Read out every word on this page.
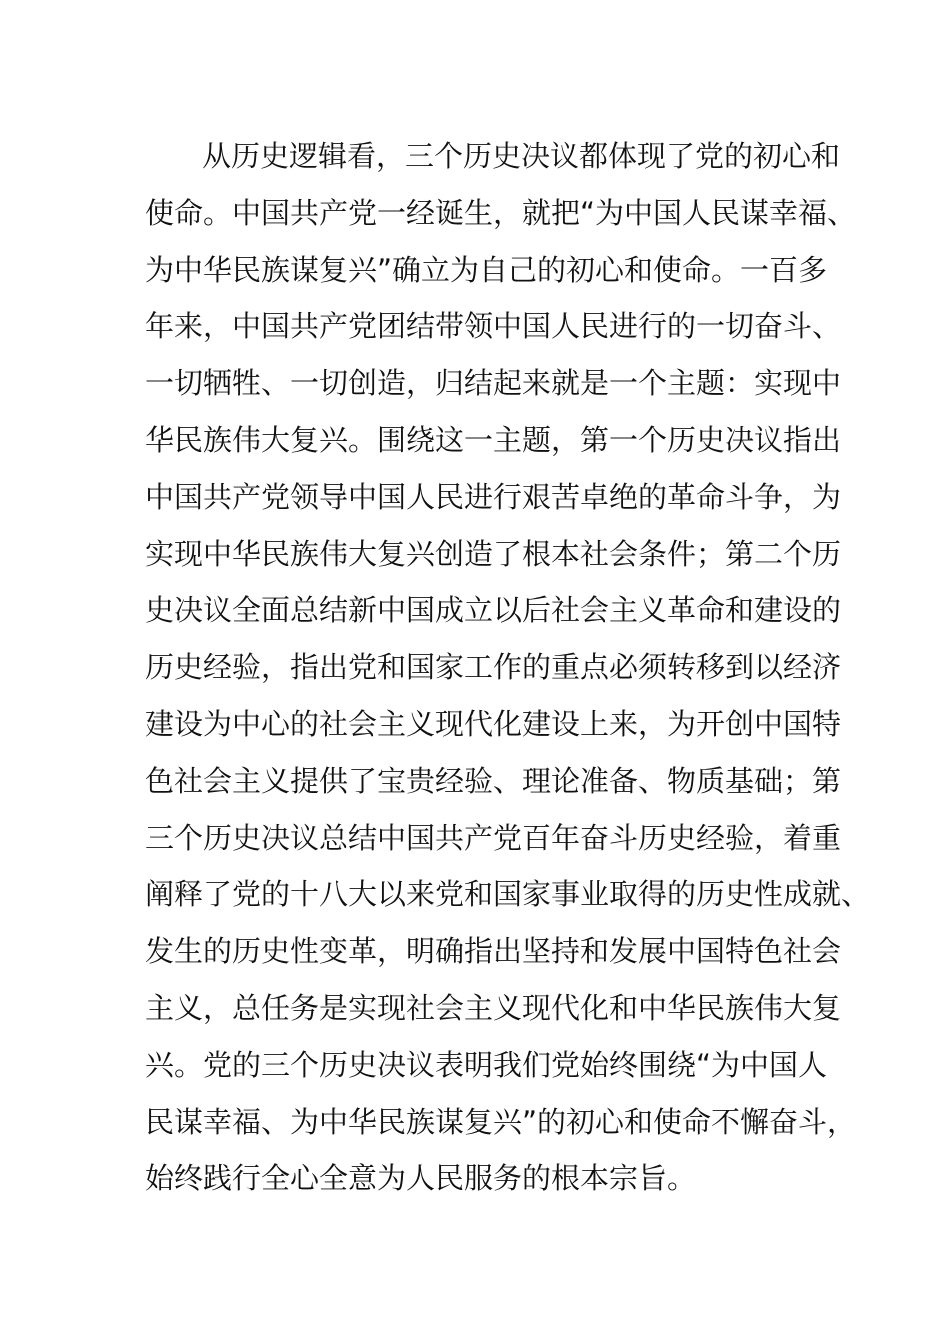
从历史逻辑看，三个历史决议都体现了党的初心和
使命。中国共产党一经诞生，就把“为中国人民谋幸福、
为中华民族谋复兴”确立为自己的初心和使命。一百多
年来，中国共产党团结带领中国人民进行的一切奋斗、
一切牺牲、一切创造，归结起来就是一个主题：实现中
华民族伟大复兴。围绕这一主题，第一个历史决议指出
中国共产党领导中国人民进行艰苦卓绝的革命斗争，为
实现中华民族伟大复兴创造了根本社会条件；第二个历
史决议全面总结新中国成立以后社会主义革命和建设的
历史经验，指出党和国家工作的重点必须转移到以经济
建设为中心的社会主义现代化建设上来，为开创中国特
色社会主义提供了宝贵经验、理论准备、物质基础；第
三个历史决议总结中国共产党百年奋斗历史经验，着重
阐释了党的十八大以来党和国家事业取得的历史性成就、
发生的历史性变革，明确指出坚持和发展中国特色社会
主义，总任务是实现社会主义现代化和中华民族伟大复
兴。党的三个历史决议表明我们党始终围绕“为中国人
民谋幸福、为中华民族谋复兴”的初心和使命不懈奋斗，
始终践行全心全意为人民服务的根本宗旨。
